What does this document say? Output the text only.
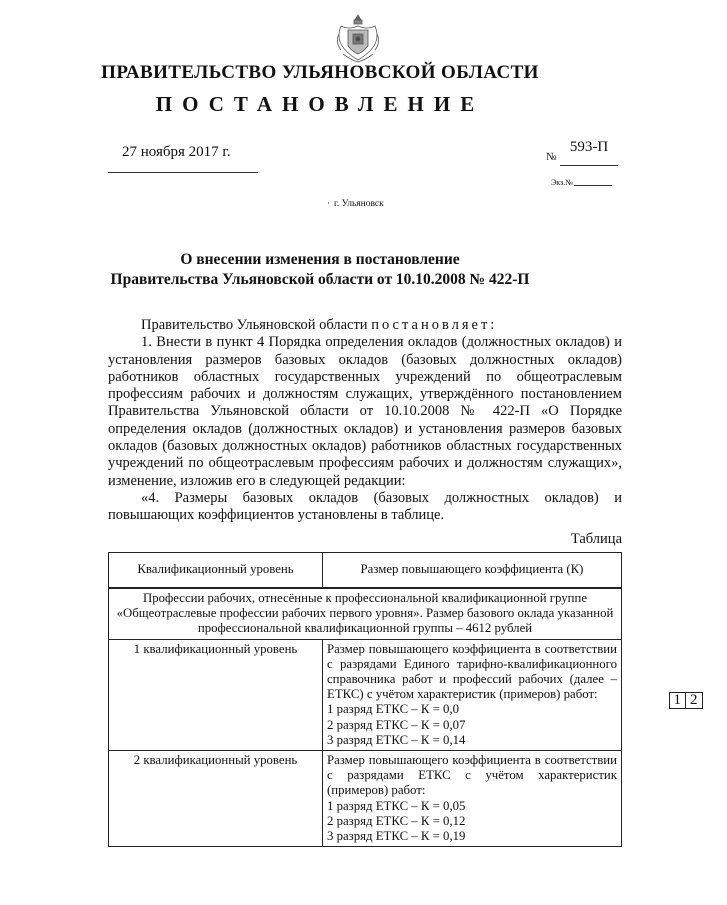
ПРАВИТЕЛЬСТВО УЛЬЯНОВСКОЙ ОБЛАСТИ
ПОСТАНОВЛЕНИЕ
27 ноября 2017 г.	№
593-П
Экз.№
· г. Ульяновск
О внесении изменения в постановление
Правительства Ульяновской области от 10.10.2008 № 422-П

Правительство Ульяновской области постановляет:

1. Внести в пункт 4 Порядка определения окладов (должностных окладов) и установления размеров базовых окладов (базовых должностных окладов) работников областных государственных учреждений по общеотраслевым профессиям рабочих и должностям служащих, утверждённого постановлением Правительства Ульяновской области от 10.10.2008 № 422-П «О Порядке определения окладов (должностных окладов) и установления размеров базовых окладов (базовых должностных окладов) работников областных государственных учреждений по общеотраслевым профессиям рабочих и должностям служащих», изменение, изложив его в следующей редакции:

«4. Размеры базовых окладов (базовых должностных окладов) и повышающих коэффициентов установлены в таблице.

Таблица
Квалификационный уровень	Размер повышающего коэффициента (К)

1	2
Профессии рабочих, отнесённые к профессиональной квалификационной группе «Общеотраслевые профессии рабочих первого уровня». Размер базового оклада указанной профессиональной квалификационной группы – 4612 рублей
1 квалификационный уровень	Размер повышающего коэффициента в соответствии с разрядами Единого тарифно-квалификационного справочника работ и профессий рабочих (далее – ЕТКС) с учётом характеристик (примеров) работ:
1 разряд ЕТКС – К = 0,0
2 разряд ЕТКС – К = 0,07
3 разряд ЕТКС – К = 0,14

2 квалификационный уровень	Размер повышающего коэффициента в соответствии с разрядами ЕТКС с учётом характеристик (примеров) работ:
1 разряд ЕТКС – К = 0,05
2 разряд ЕТКС – К = 0,12
3 разряд ЕТКС – К = 0,19
